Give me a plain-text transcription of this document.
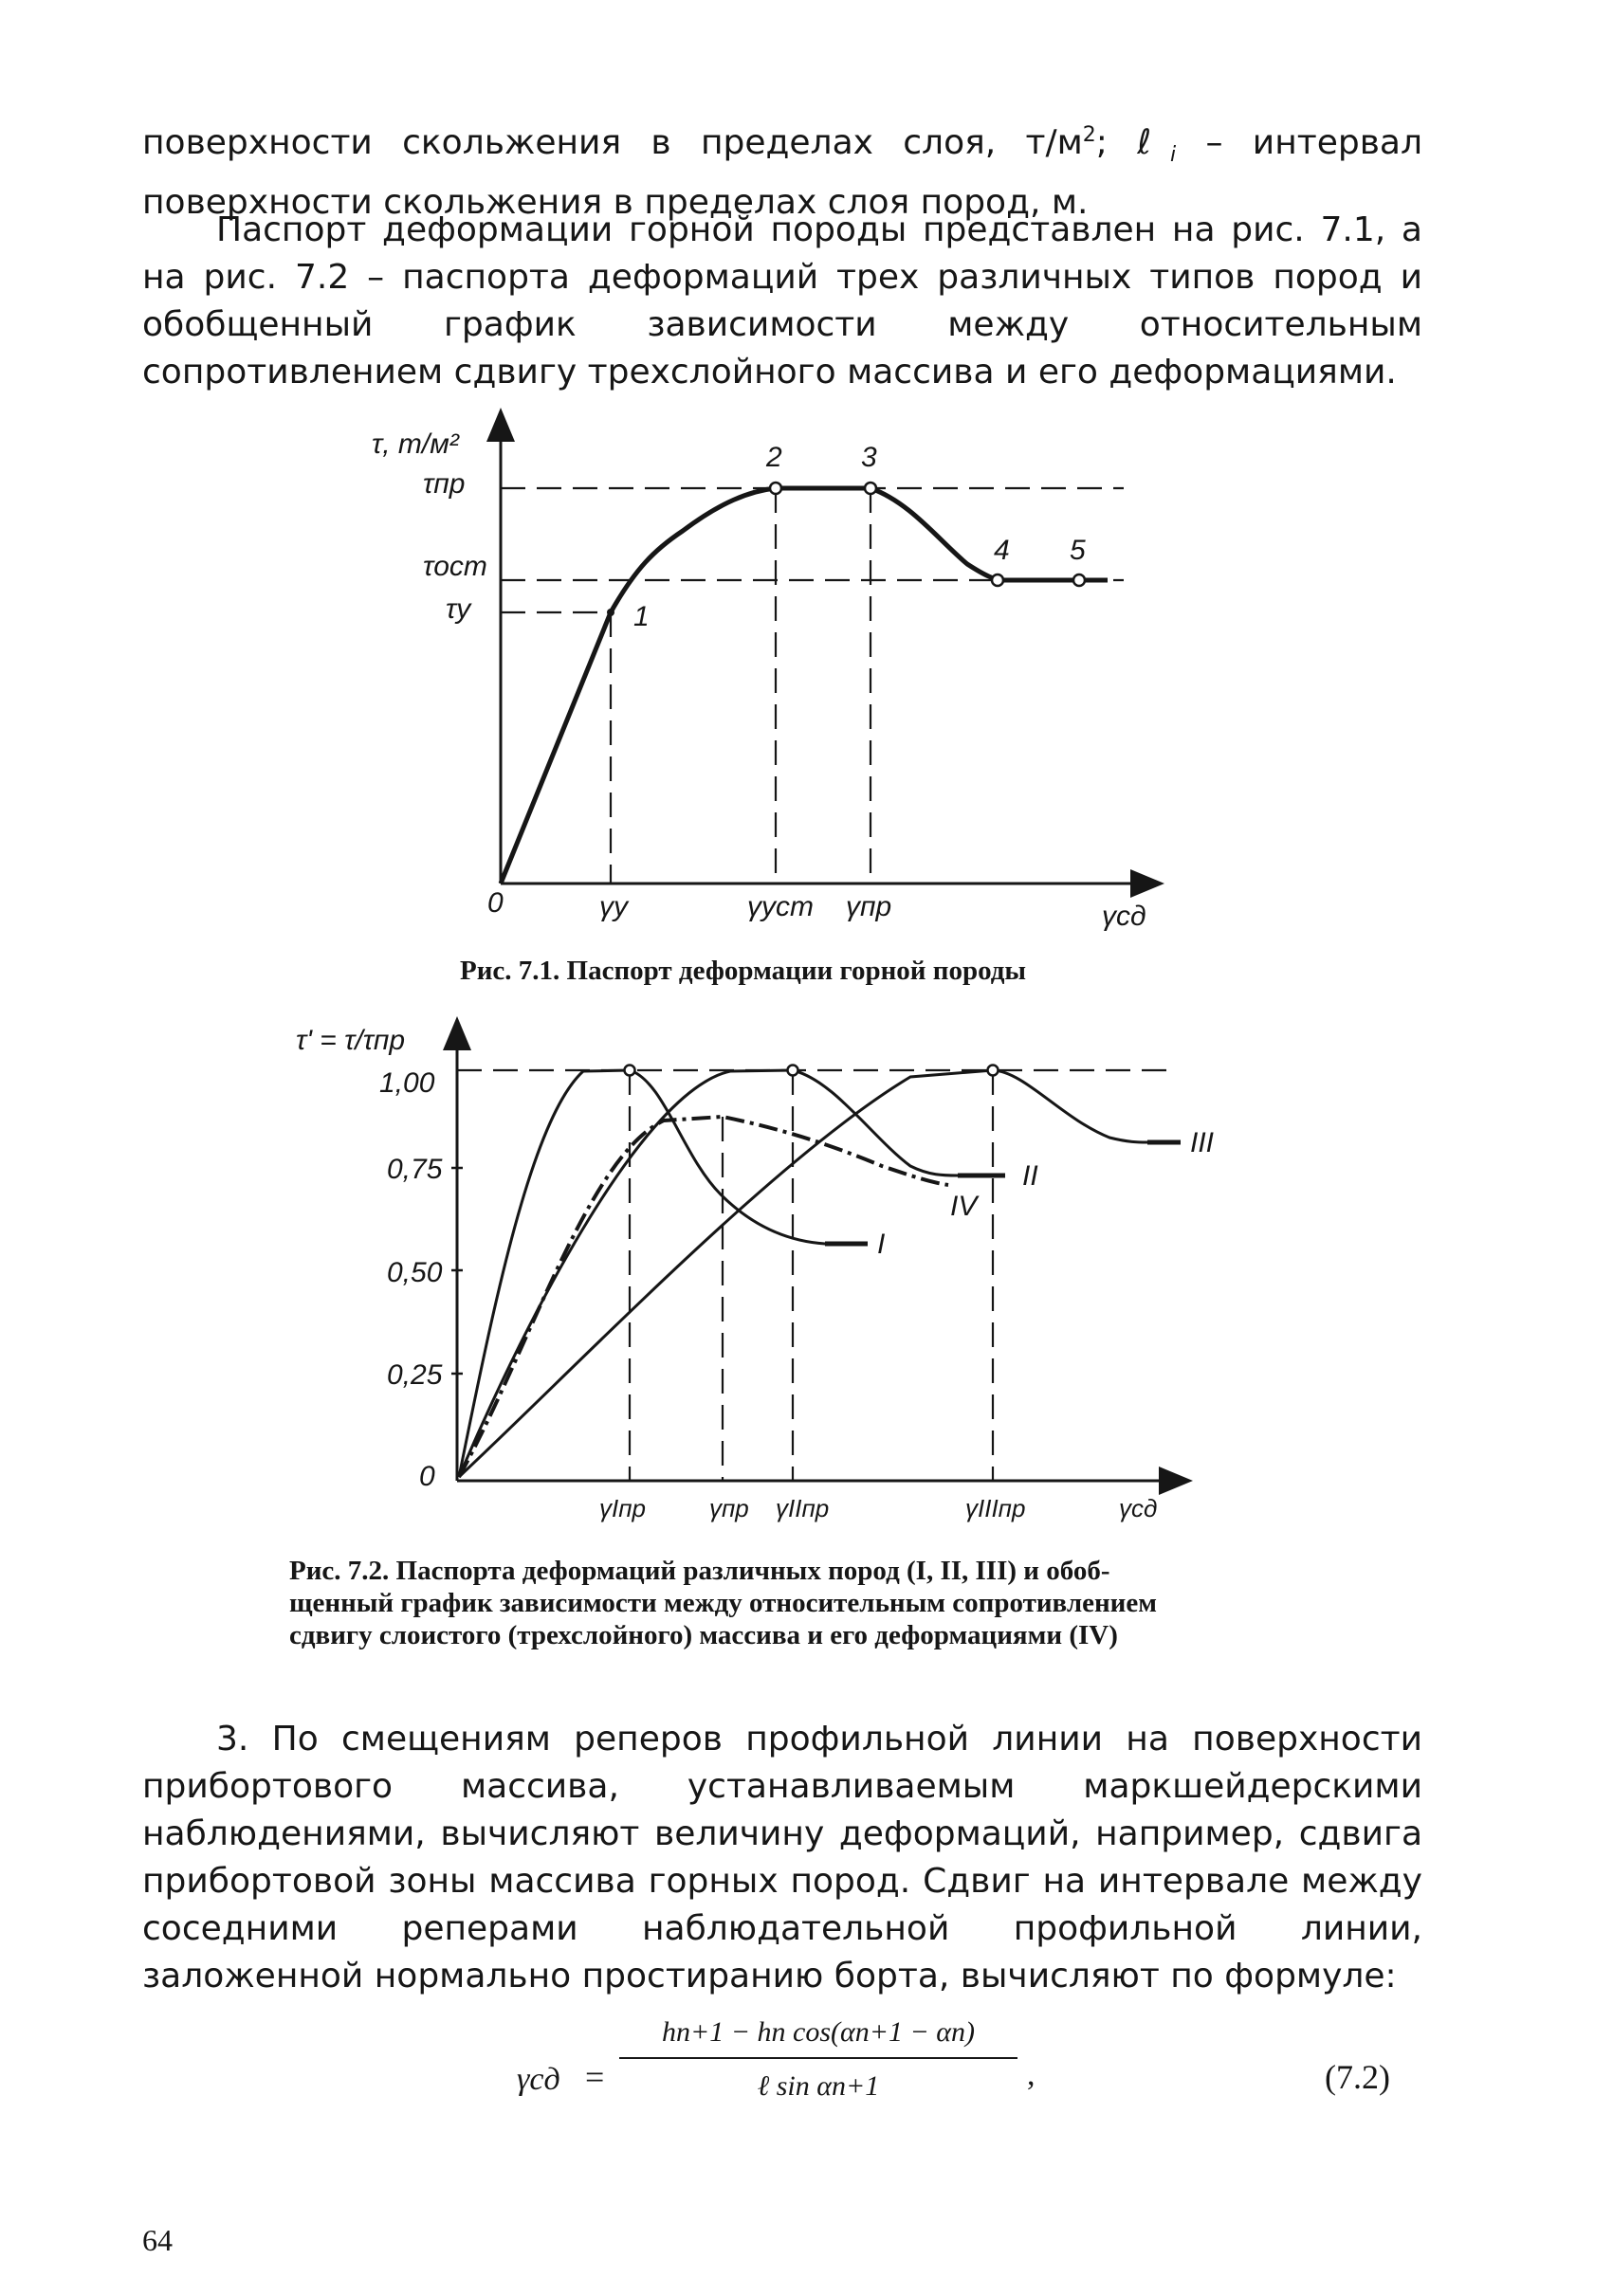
поверхности скольжения в пределах слоя, $т/м^2$; ℓ$_i$ – интервал поверхности скольжения в пределах слоя пород, м.

Паспорт деформации горной породы представлен на рис. 7.1, а на рис. 7.2 – паспорта деформаций трех различных типов пород и обобщенный график зависимости между относительным сопротивлением сдвигу трехслойного массива и его деформациями.

τ, т/м²
τпр
τост
τy	1
2	3
4 5
0	γy	γуст γпр	γсд
Рис. 7.1. Паспорт деформации горной породы
τ' = τ/τпр
1,00
0,75
0,50
0,25
0
I
II
III
IV
γIпр	γпр γIIпр	γIIIпр	γсд
Рис. 7.2. Паспорта деформаций различных пород (I, II, III) и обоб-
щенный график зависимости между относительным сопротивлением
сдвигу слоистого (трехслойного) массива и его деформациями (IV)

3. По смещениям реперов профильной линии на поверхности прибортового массива, устанавливаемым маркшейдерскими наблюдениями, вычисляют величину деформаций, например, сдвига прибортовой зоны массива горных пород. Сдвиг на интервале между соседними реперами наблюдательной профильной линии, заложенной нормально простиранию борта, вычисляют по формуле:

γсд =
hn+1 − hn cos(αn+1 − αn)
ℓ sin αn+1	,	(7.2)
64
